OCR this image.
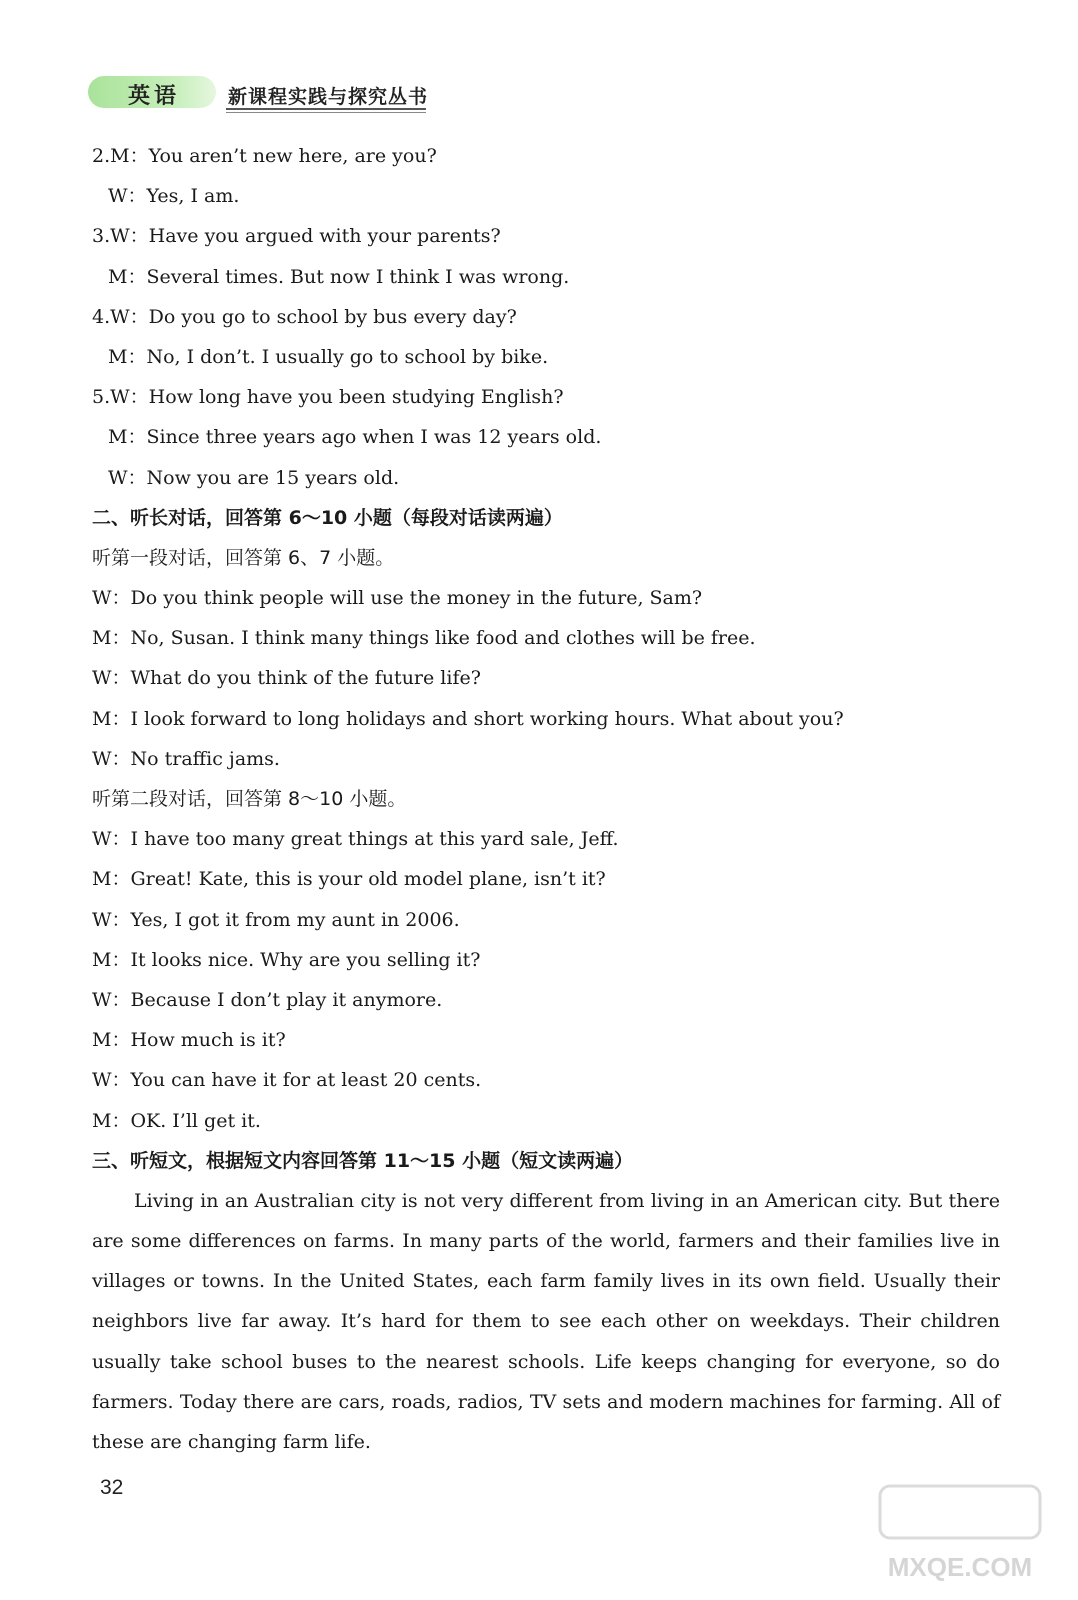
英语	新课程实践与探究丛书
2.M：You aren’t new here, are you?
W：Yes, I am.
3.W：Have you argued with your parents?
M：Several times. But now I think I was wrong.
4.W：Do you go to school by bus every day?
M：No, I don’t. I usually go to school by bike.
5.W：How long have you been studying English?
M：Since three years ago when I was 12 years old.
W：Now you are 15 years old.
二、听长对话，回答第 6～10 小题（每段对话读两遍）
听第一段对话，回答第 6、7 小题。
W：Do you think people will use the money in the future, Sam?
M：No, Susan. I think many things like food and clothes will be free.
W：What do you think of the future life?
M：I look forward to long holidays and short working hours. What about you?
W：No traffic jams.
听第二段对话，回答第 8～10 小题。
W：I have too many great things at this yard sale, Jeff.
M：Great! Kate, this is your old model plane, isn’t it?
W：Yes, I got it from my aunt in 2006.
M：It looks nice. Why are you selling it?
W：Because I don’t play it anymore.
M：How much is it?
W：You can have it for at least 20 cents.
M：OK. I’ll get it.
三、听短文，根据短文内容回答第 11～15 小题（短文读两遍）

Living in an Australian city is not very different from living in an American city. But there are some differences on farms. In many parts of the world, farmers and their families live in villages or towns. In the United States, each farm family lives in its own field. Usually their neighbors live far away. It’s hard for them to see each other on weekdays. Their children usually take school buses to the nearest schools. Life keeps changing for everyone, so do farmers. Today there are cars, roads, radios, TV sets and modern machines for farming. All of these are changing farm life.

32
MXQE.COM
